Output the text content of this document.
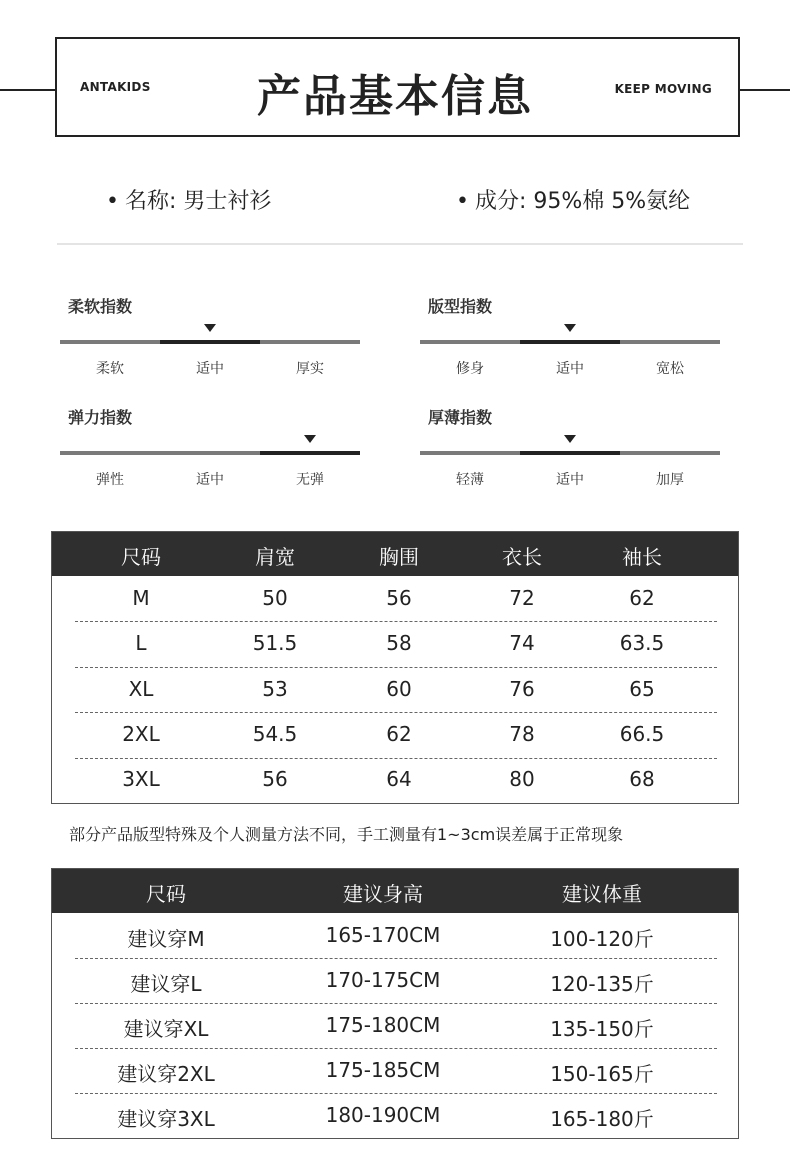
ANTAKIDS	产品基本信息	KEEP MOVING
• 名称: 男士衬衫	• 成分: 95%棉 5%氨纶
柔软指数
柔软	适中	厚实
版型指数
修身	适中	宽松
弹力指数
弹性	适中	无弹
厚薄指数
轻薄	适中	加厚
尺码	肩宽	胸围	衣长	袖长
M	50	56	72	62
L	51.5	58	74	63.5
XL	53	60	76	65
2XL	54.5	62	78	66.5
3XL	56	64	80	68
部分产品版型特殊及个人测量方法不同，手工测量有1~3cm误差属于正常现象
尺码	建议身高	建议体重
建议穿M	165-170CM	100-120斤
建议穿L	170-175CM	120-135斤
建议穿XL	175-180CM	135-150斤
建议穿2XL	175-185CM	150-165斤
建议穿3XL	180-190CM	165-180斤
